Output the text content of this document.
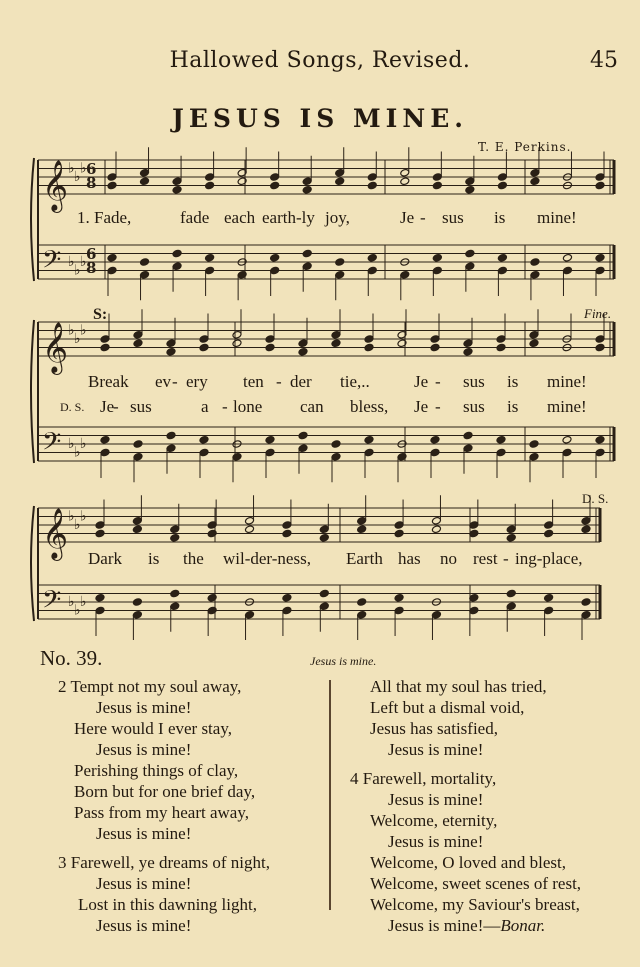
Hallowed Songs, Revised.	45
JESUS IS MINE.
T. E. Perkins.
𝄞
𝄢
♭
♭
♭
♭
♭
♭
𝄞
𝄢
♭
♭
♭
♭
♭
♭
𝄞
𝄢
♭
♭
♭
♭
♭
♭
6
6
8
8
1. Fade,	fade each earth-ly joy,	Je - sus is mine!
Break ev - ery ten - der tie,..	Je - sus is mine!
D. S. Je
- sus	a - lone can bless, Je - sus is mine!
Dark is the wil-der-ness, Earth has no rest - ing-place,
S:	Fine.
D. S.
No. 39.	Jesus is mine.
2 Tempt not my soul away,
Jesus is mine!
Here would I ever stay,
Jesus is mine!
Perishing things of clay,
Born but for one brief day,
Pass from my heart away,
Jesus is mine!
3 Farewell, ye dreams of night,
Jesus is mine!
Lost in this dawning light,
Jesus is mine!
All that my soul has tried,
Left but a dismal void,
Jesus has satisfied,
Jesus is mine!
4 Farewell, mortality,
Jesus is mine!
Welcome, eternity,
Jesus is mine!
Welcome, O loved and blest,
Welcome, sweet scenes of rest,
Welcome, my Saviour's breast,
Jesus is mine!—Bonar.
